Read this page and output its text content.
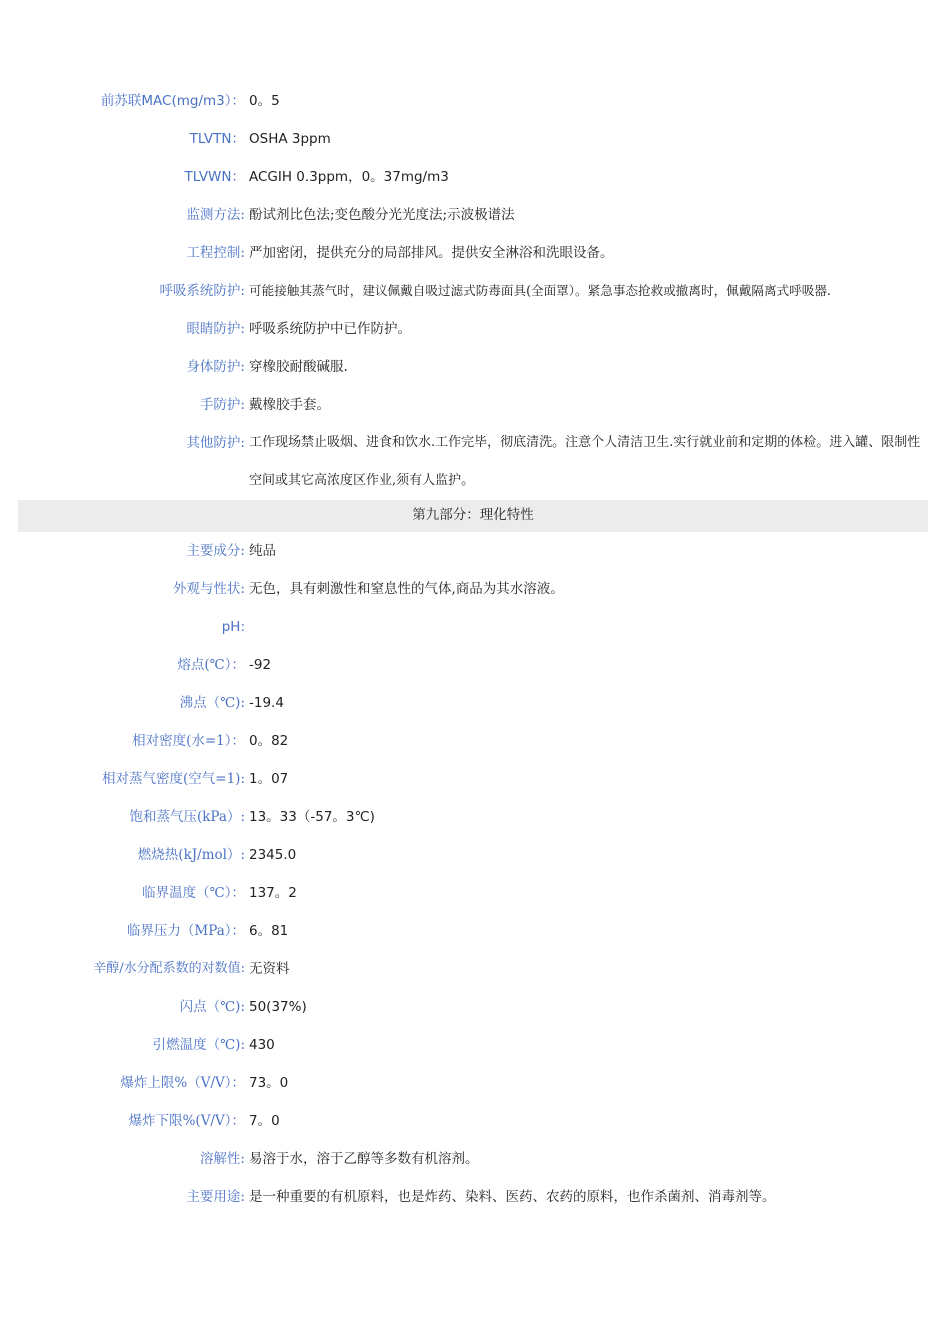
前苏联MAC(mg/m3）： 0。5
TLVTN： OSHA 3ppm
TLVWN： ACGIH 0.3ppm，0。37mg/m3
监测方法: 酚试剂比色法;变色酸分光光度法;示波极谱法
工程控制: 严加密闭，提供充分的局部排风。提供安全淋浴和洗眼设备。
呼吸系统防护: 可能接触其蒸气时，建议佩戴自吸过滤式防毒面具(全面罩）。紧急事态抢救或撤离时，佩戴隔离式呼吸器.
眼睛防护: 呼吸系统防护中已作防护。
身体防护: 穿橡胶耐酸碱服.
手防护: 戴橡胶手套。
其他防护: 工作现场禁止吸烟、进食和饮水.工作完毕，彻底清洗。注意个人清洁卫生.实行就业前和定期的体检。进入罐、限制性空间或其它高浓度区作业,须有人监护。
第九部分：理化特性
主要成分: 纯品
外观与性状: 无色，具有刺激性和窒息性的气体,商品为其水溶液。
pH:
熔点(℃）： -92
沸点（℃): -19.4
相对密度(水=1）： 0。82
相对蒸气密度(空气=1): 1。07
饱和蒸气压(kPa）: 13。33（-57。3℃)
燃烧热(kJ/mol）: 2345.0
临界温度（℃）： 137。2
临界压力（MPa）： 6。81
辛醇/水分配系数的对数值: 无资料
闪点（℃): 50(37%)
引燃温度（℃): 430
爆炸上限%（V/V）： 73。0
爆炸下限%(V/V）： 7。0
溶解性: 易溶于水，溶于乙醇等多数有机溶剂。
主要用途: 是一种重要的有机原料，也是炸药、染料、医药、农药的原料，也作杀菌剂、消毒剂等。
